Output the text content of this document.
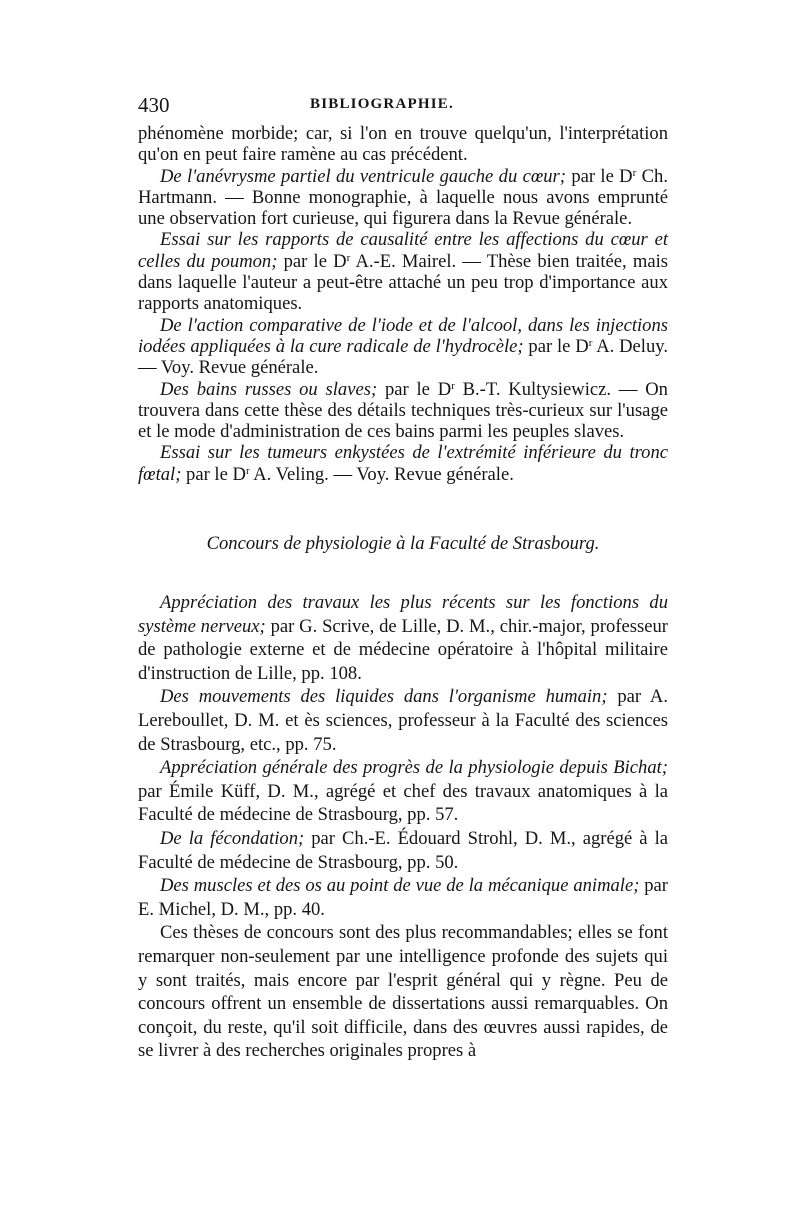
430	BIBLIOGRAPHIE.

phénomène morbide; car, si l'on en trouve quelqu'un, l'interprétation qu'on en peut faire ramène au cas précédent.

De l'anévrysme partiel du ventricule gauche du cœur; par le $D^r$ Ch. Hartmann. — Bonne monographie, à laquelle nous avons emprunté une observation fort curieuse, qui figurera dans la Revue générale.

Essai sur les rapports de causalité entre les affections du cœur et celles du poumon; par le $D^r$ A.-E. Mairel. — Thèse bien traitée, mais dans laquelle l'auteur a peut-être attaché un peu trop d'importance aux rapports anatomiques.

De l'action comparative de l'iode et de l'alcool, dans les injections iodées appliquées à la cure radicale de l'hydrocèle; par le $D^r$ A. Deluy. — Voy. Revue générale.

Des bains russes ou slaves; par le $D^r$ B.-T. Kultysiewicz. — On trouvera dans cette thèse des détails techniques très-curieux sur l'usage et le mode d'administration de ces bains parmi les peuples slaves.

Essai sur les tumeurs enkystées de l'extrémité inférieure du tronc fœtal; par le $D^r$ A. Veling. — Voy. Revue générale.

Concours de physiologie à la Faculté de Strasbourg.

Appréciation des travaux les plus récents sur les fonctions du système nerveux; par G. Scrive, de Lille, D. M., chir.-major, professeur de pathologie externe et de médecine opératoire à l'hôpital militaire d'instruction de Lille, pp. 108.

Des mouvements des liquides dans l'organisme humain; par A. Lereboullet, D. M. et ès sciences, professeur à la Faculté des sciences de Strasbourg, etc., pp. 75.

Appréciation générale des progrès de la physiologie depuis Bichat; par Émile Küff, D. M., agrégé et chef des travaux anatomiques à la Faculté de médecine de Strasbourg, pp. 57.

De la fécondation; par Ch.-E. Édouard Strohl, D. M., agrégé à la Faculté de médecine de Strasbourg, pp. 50.

Des muscles et des os au point de vue de la mécanique animale; par E. Michel, D. M., pp. 40.

Ces thèses de concours sont des plus recommandables; elles se font remarquer non-seulement par une intelligence profonde des sujets qui y sont traités, mais encore par l'esprit général qui y règne. Peu de concours offrent un ensemble de dissertations aussi remarquables. On conçoit, du reste, qu'il soit difficile, dans des œuvres aussi rapides, de se livrer à des recherches originales propres à
